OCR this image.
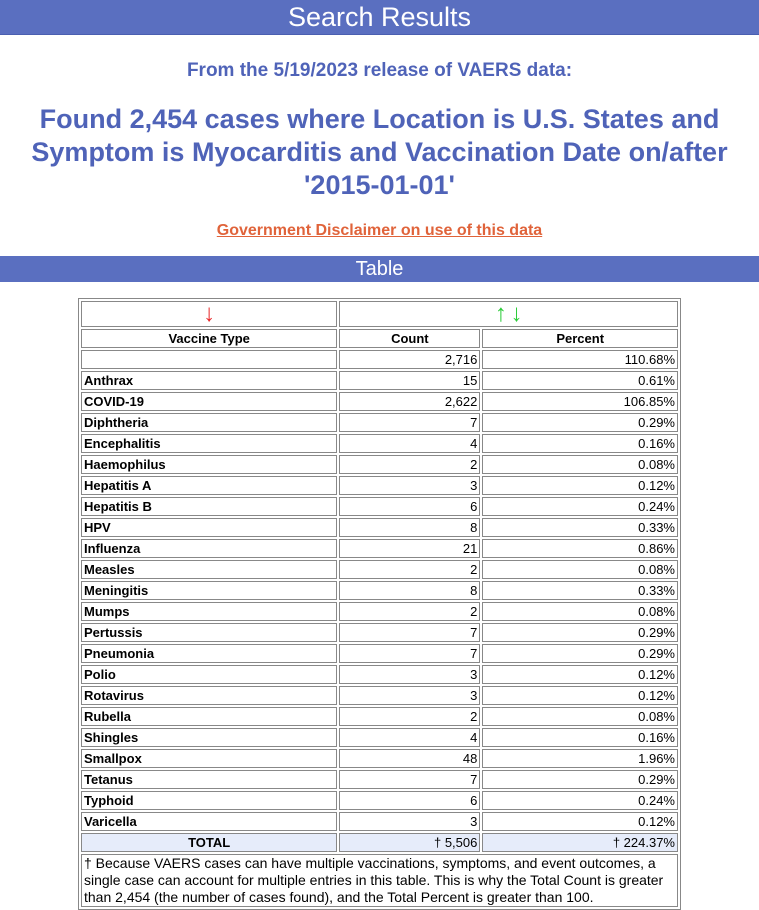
Search Results
From the 5/19/2023 release of VAERS data:
Found 2,454 cases where Location is U.S. States and Symptom is Myocarditis and Vaccination Date on/after '2015-01-01'
Government Disclaimer on use of this data
Table
↓	↑ ↓	
Vaccine Type	Count	Percent
	2,716	110.68%
Anthrax	15	0.61%
COVID-19	2,622	106.85%
Diphtheria	7	0.29%
Encephalitis	4	0.16%
Haemophilus	2	0.08%
Hepatitis A	3	0.12%
Hepatitis B	6	0.24%
HPV	8	0.33%
Influenza	21	0.86%
Measles	2	0.08%
Meningitis	8	0.33%
Mumps	2	0.08%
Pertussis	7	0.29%
Pneumonia	7	0.29%
Polio	3	0.12%
Rotavirus	3	0.12%
Rubella	2	0.08%
Shingles	4	0.16%
Smallpox	48	1.96%
Tetanus	7	0.29%
Typhoid	6	0.24%
Varicella	3	0.12%
TOTAL	† 5,506	† 224.37%
† Because VAERS cases can have multiple vaccinations, symptoms, and event outcomes, a single case can account for multiple entries in this table. This is why the Total Count is greater than 2,454 (the number of cases found), and the Total Percent is greater than 100.		
